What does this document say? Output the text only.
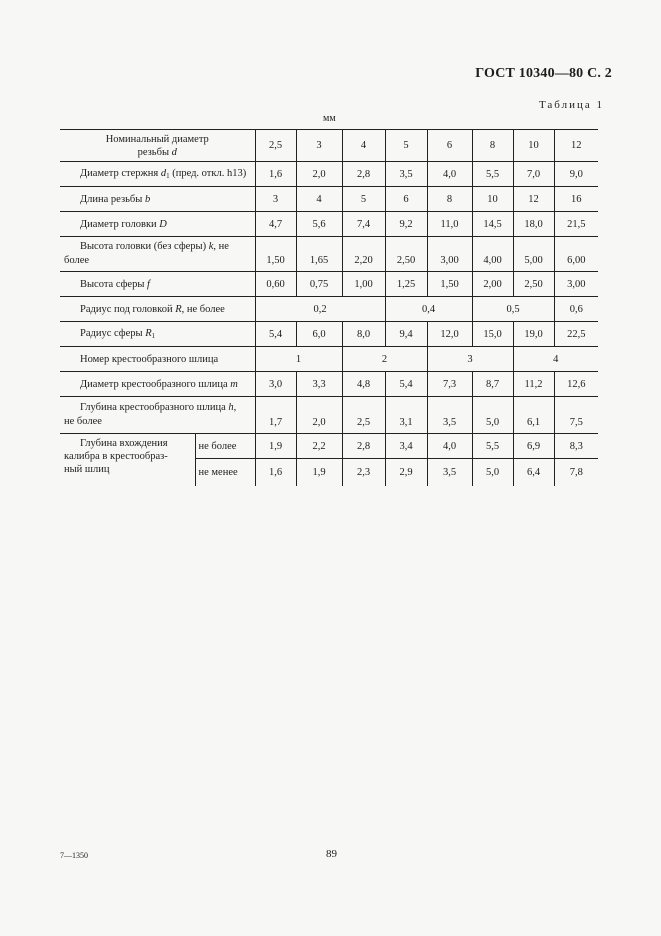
ГОСТ 10340—80 С. 2
Таблица 1
мм
Номинальный диаметр
резьбы d		2,5	3	4	5	6	8	10	12
Диаметр стержня $d_1$ (пред. откл. h13)		1,6	2,0	2,8	3,5	4,0	5,5	7,0	9,0
Длина резьбы b		3	4	5	6	8	10	12	16
Диаметр головки D		4,7	5,6	7,4	9,2	11,0	14,5	18,0	21,5
Высота головки (без сферы) k, не
более		1,50	1,65	2,20	2,50	3,00	4,00	5,00	6,00
Высота сферы f		0,60	0,75	1,00	1,25	1,50	2,00	2,50	3,00
Радиус под головкой R, не более		0,2			0,4		0,5		0,6
Радиус сферы $R_1$		5,4	6,0	8,0	9,4	12,0	15,0	19,0	22,5
Номер крестообразного шлица		1		2		3		4	
Диаметр крестообразного шлица m		3,0	3,3	4,8	5,4	7,3	8,7	11,2	12,6
Глубина крестообразного шлица h,
не более		1,7	2,0	2,5	3,1	3,5	5,0	6,1	7,5
Глубина вхождения
калибра в крестообраз-
ный шлиц	не более	1,9	2,2	2,8	3,4	4,0	5,5	6,9	8,3
	не менее	1,6	1,9	2,3	2,9	3,5	5,0	6,4	7,8
7—1350	89
